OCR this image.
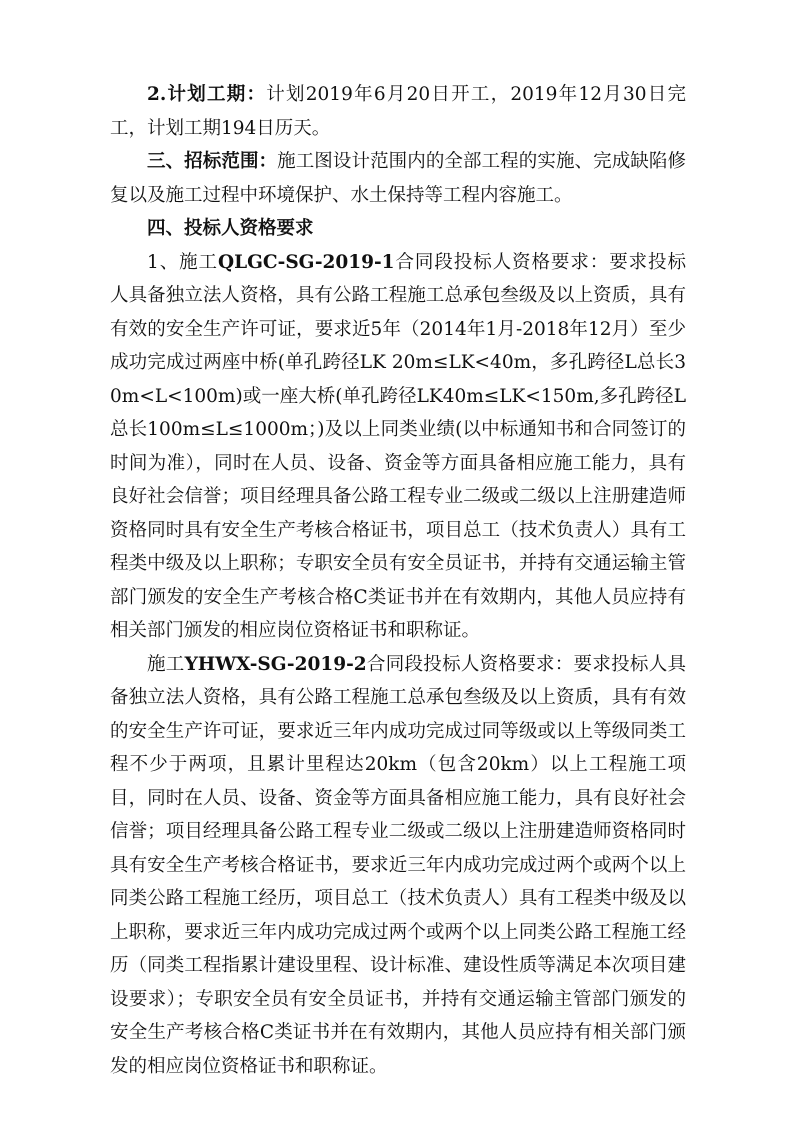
2.计划工期：计划2019年6月20日开工，2019年12月30日完工，计划工期194日历天。

三、招标范围：施工图设计范围内的全部工程的实施、完成缺陷修复以及施工过程中环境保护、水土保持等工程内容施工。

四、投标人资格要求

1、施工QLGC-SG-2019-1合同段投标人资格要求：要求投标人具备独立法人资格，具有公路工程施工总承包叁级及以上资质，具有有效的安全生产许可证，要求近5年（2014年1月-2018年12月）至少成功完成过两座中桥(单孔跨径LK 20m≤LK<40m，多孔跨径L总长30m<L<100m)或一座大桥(单孔跨径LK40m≤LK<150m,多孔跨径L总长100m≤L≤1000m；)及以上同类业绩(以中标通知书和合同签订的时间为准），同时在人员、设备、资金等方面具备相应施工能力，具有良好社会信誉；项目经理具备公路工程专业二级或二级以上注册建造师资格同时具有安全生产考核合格证书，项目总工（技术负责人）具有工程类中级及以上职称；专职安全员有安全员证书，并持有交通运输主管部门颁发的安全生产考核合格C类证书并在有效期内，其他人员应持有相关部门颁发的相应岗位资格证书和职称证。

施工YHWX-SG-2019-2合同段投标人资格要求：要求投标人具备独立法人资格，具有公路工程施工总承包叁级及以上资质，具有有效的安全生产许可证，要求近三年内成功完成过同等级或以上等级同类工程不少于两项，且累计里程达20km（包含20km）以上工程施工项目，同时在人员、设备、资金等方面具备相应施工能力，具有良好社会信誉；项目经理具备公路工程专业二级或二级以上注册建造师资格同时具有安全生产考核合格证书，要求近三年内成功完成过两个或两个以上同类公路工程施工经历，项目总工（技术负责人）具有工程类中级及以上职称，要求近三年内成功完成过两个或两个以上同类公路工程施工经历（同类工程指累计建设里程、设计标准、建设性质等满足本次项目建设要求）；专职安全员有安全员证书，并持有交通运输主管部门颁发的安全生产考核合格C类证书并在有效期内，其他人员应持有相关部门颁发的相应岗位资格证书和职称证。
